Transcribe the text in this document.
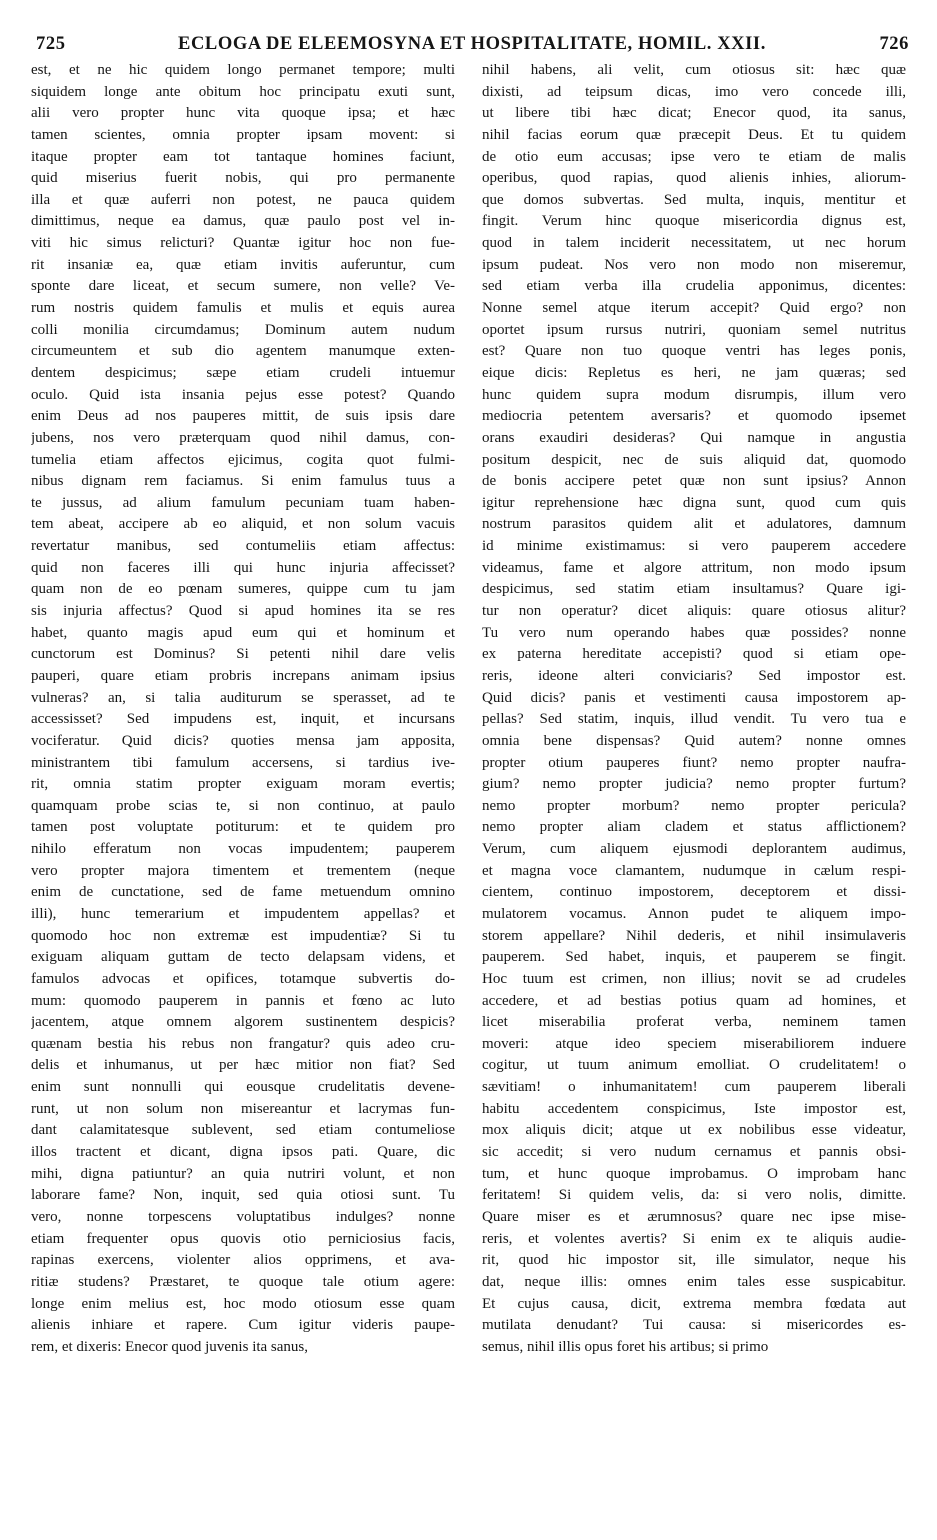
725	ECLOGA DE ELEEMOSYNA ET HOSPITALITATE, HOMIL. XXII.	726
est, et ne hic quidem longo permanet tempore; multi
siquidem longe ante obitum hoc principatu exuti sunt,
alii vero propter hunc vita quoque ipsa; et hæc
tamen scientes, omnia propter ipsam movent: si
itaque propter eam tot tantaque homines faciunt,
quid miserius fuerit nobis, qui pro permanente
illa et quæ auferri non potest, ne pauca quidem
dimittimus, neque ea damus, quæ paulo post vel in-
viti hic simus relicturi? Quantæ igitur hoc non fue-
rit insaniæ ea, quæ etiam invitis auferuntur, cum
sponte dare liceat, et secum sumere, non velle? Ve-
rum nostris quidem famulis et mulis et equis aurea
colli monilia circumdamus; Dominum autem nudum
circumeuntem et sub dio agentem manumque exten-
dentem despicimus; sæpe etiam crudeli intuemur
oculo. Quid ista insania pejus esse potest? Quando
enim Deus ad nos pauperes mittit, de suis ipsis dare
jubens, nos vero præterquam quod nihil damus, con-
tumelia etiam affectos ejicimus, cogita quot fulmi-
nibus dignam rem faciamus. Si enim famulus tuus a
te jussus, ad alium famulum pecuniam tuam haben-
tem abeat, accipere ab eo aliquid, et non solum vacuis
revertatur manibus, sed contumeliis etiam affectus:
quid non faceres illi qui hunc injuria affecisset?
quam non de eo pœnam sumeres, quippe cum tu jam
sis injuria affectus? Quod si apud homines ita se res
habet, quanto magis apud eum qui et hominum et
cunctorum est Dominus? Si petenti nihil dare velis
pauperi, quare etiam probris increpans animam ipsius
vulneras? an, si talia auditurum se sperasset, ad te
accessisset? Sed impudens est, inquit, et incursans
vociferatur. Quid dicis? quoties mensa jam apposita,
ministrantem tibi famulum accersens, si tardius ive-
rit, omnia statim propter exiguam moram evertis;
quamquam probe scias te, si non continuo, at paulo
tamen post voluptate potiturum: et te quidem pro
nihilo efferatum non vocas impudentem; pauperem
vero propter majora timentem et trementem (neque
enim de cunctatione, sed de fame metuendum omnino
illi), hunc temerarium et impudentem appellas? et
quomodo hoc non extremæ est impudentiæ? Si tu
exiguam aliquam guttam de tecto delapsam videns, et
famulos advocas et opifices, totamque subvertis do-
mum: quomodo pauperem in pannis et fœno ac luto
jacentem, atque omnem algorem sustinentem despicis?
quænam bestia his rebus non frangatur? quis adeo cru-
delis et inhumanus, ut per hæc mitior non fiat? Sed
enim sunt nonnulli qui eousque crudelitatis devene-
runt, ut non solum non misereantur et lacrymas fun-
dant calamitatesque sublevent, sed etiam contumeliose
illos tractent et dicant, digna ipsos pati. Quare, dic
mihi, digna patiuntur? an quia nutriri volunt, et non
laborare fame? Non, inquit, sed quia otiosi sunt. Tu
vero, nonne torpescens voluptatibus indulges? nonne
etiam frequenter opus quovis otio perniciosius facis,
rapinas exercens, violenter alios opprimens, et ava-
ritiæ studens? Præstaret, te quoque tale otium agere:
longe enim melius est, hoc modo otiosum esse quam
alienis inhiare et rapere. Cum igitur videris paupe-
rem, et dixeris: Enecor quod juvenis ita sanus,
nihil habens, ali velit, cum otiosus sit: hæc quæ
dixisti, ad teipsum dicas, imo vero concede illi,
ut libere tibi hæc dicat; Enecor quod, ita sanus,
nihil facias eorum quæ præcepit Deus. Et tu quidem
de otio eum accusas; ipse vero te etiam de malis
operibus, quod rapias, quod alienis inhies, aliorum-
que domos subvertas. Sed multa, inquis, mentitur et
fingit. Verum hinc quoque misericordia dignus est,
quod in talem inciderit necessitatem, ut nec horum
ipsum pudeat. Nos vero non modo non miseremur,
sed etiam verba illa crudelia apponimus, dicentes:
Nonne semel atque iterum accepit? Quid ergo? non
oportet ipsum rursus nutriri, quoniam semel nutritus
est? Quare non tuo quoque ventri has leges ponis,
eique dicis: Repletus es heri, ne jam quæras; sed
hunc quidem supra modum disrumpis, illum vero
mediocria petentem aversaris? et quomodo ipsemet
orans exaudiri desideras? Qui namque in angustia
positum despicit, nec de suis aliquid dat, quomodo
de bonis accipere petet quæ non sunt ipsius? Annon
igitur reprehensione hæc digna sunt, quod cum quis
nostrum parasitos quidem alit et adulatores, damnum
id minime existimamus: si vero pauperem accedere
videamus, fame et algore attritum, non modo ipsum
despicimus, sed statim etiam insultamus? Quare igi-
tur non operatur? dicet aliquis: quare otiosus alitur?
Tu vero num operando habes quæ possides? nonne
ex paterna hereditate accepisti? quod si etiam ope-
reris, ideone alteri conviciaris? Sed impostor est.
Quid dicis? panis et vestimenti causa impostorem ap-
pellas? Sed statim, inquis, illud vendit. Tu vero tua e
omnia bene dispensas? Quid autem? nonne omnes
propter otium pauperes fiunt? nemo propter naufra-
gium? nemo propter judicia? nemo propter furtum?
nemo propter morbum? nemo propter pericula?
nemo propter aliam cladem et status afflictionem?
Verum, cum aliquem ejusmodi deplorantem audimus,
et magna voce clamantem, nudumque in cælum respi-
cientem, continuo impostorem, deceptorem et dissi-
mulatorem vocamus. Annon pudet te aliquem impo-
storem appellare? Nihil dederis, et nihil insimulaveris
pauperem. Sed habet, inquis, et pauperem se fingit.
Hoc tuum est crimen, non illius; novit se ad crudeles
accedere, et ad bestias potius quam ad homines, et
licet miserabilia proferat verba, neminem tamen
moveri: atque ideo speciem miserabiliorem induere
cogitur, ut tuum animum emolliat. O crudelitatem! o
sævitiam! o inhumanitatem! cum pauperem liberali
habitu accedentem conspicimus, Iste impostor est,
mox aliquis dicit; atque ut ex nobilibus esse videatur,
sic accedit; si vero nudum cernamus et pannis obsi-
tum, et hunc quoque improbamus. O improbam hanc
feritatem! Si quidem velis, da: si vero nolis, dimitte.
Quare miser es et ærumnosus? quare nec ipse mise-
reris, et volentes avertis? Si enim ex te aliquis audie-
rit, quod hic impostor sit, ille simulator, neque his
dat, neque illis: omnes enim tales esse suspicabitur.
Et cujus causa, dicit, extrema membra fœdata aut
mutilata denudant? Tui causa: si misericordes es-
semus, nihil illis opus foret his artibus; si primo
